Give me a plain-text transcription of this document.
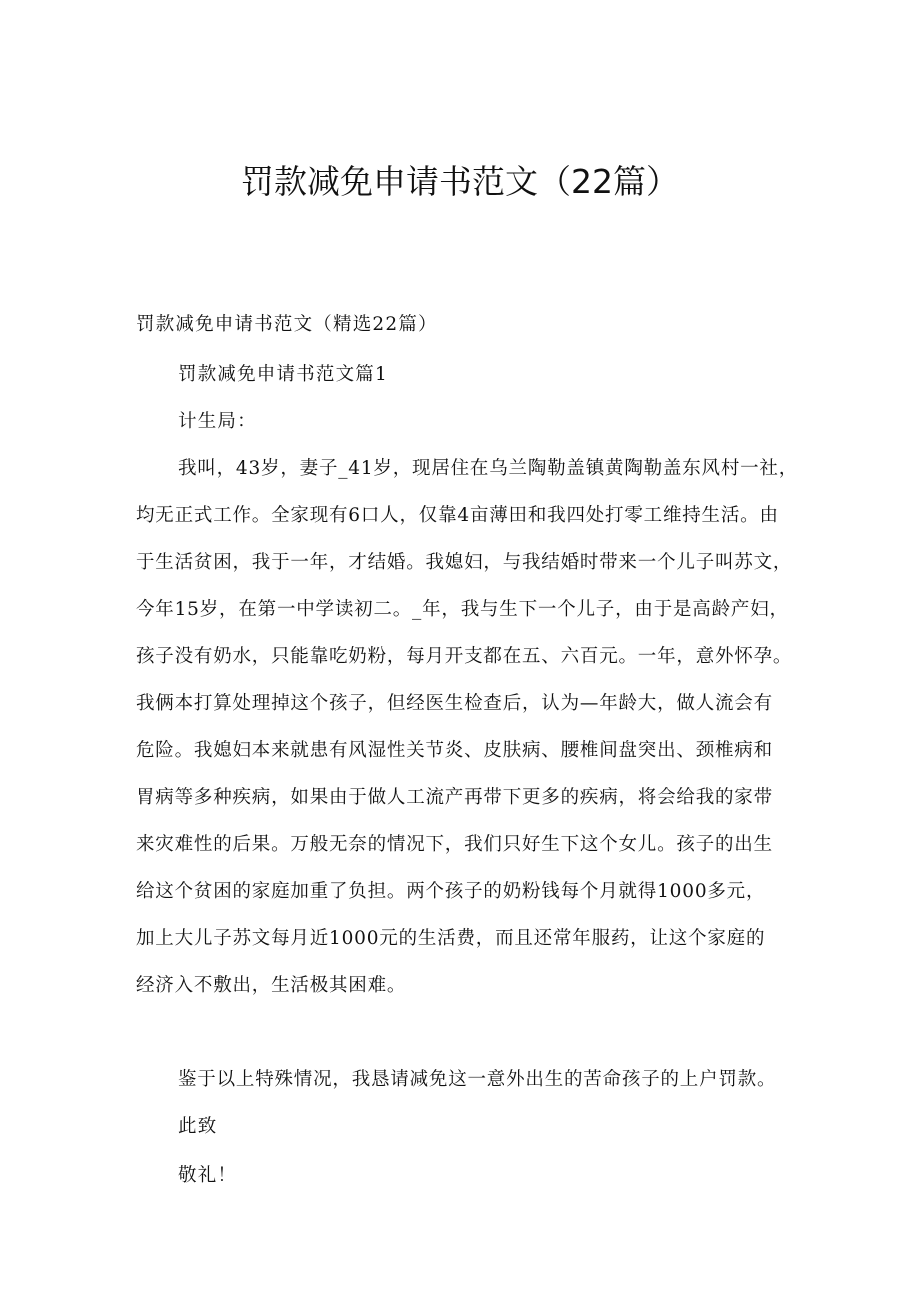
罚款减免申请书范文（22篇）

罚款减免申请书范文（精选22篇）

罚款减免申请书范文篇1

计生局：

我叫，43岁，妻子_41岁，现居住在乌兰陶勒盖镇黄陶勒盖东风村一社，

均无正式工作。全家现有6口人，仅靠4亩薄田和我四处打零工维持生活。由

于生活贫困，我于一年，才结婚。我媳妇，与我结婚时带来一个儿子叫苏文，

今年15岁，在第一中学读初二。_年，我与生下一个儿子，由于是高龄产妇，

孩子没有奶水，只能靠吃奶粉，每月开支都在五、六百元。一年，意外怀孕。

我俩本打算处理掉这个孩子，但经医生检查后，认为—年龄大，做人流会有

危险。我媳妇本来就患有风湿性关节炎、皮肤病、腰椎间盘突出、颈椎病和

胃病等多种疾病，如果由于做人工流产再带下更多的疾病，将会给我的家带

来灾难性的后果。万般无奈的情况下，我们只好生下这个女儿。孩子的出生

给这个贫困的家庭加重了负担。两个孩子的奶粉钱每个月就得1000多元，

加上大儿子苏文每月近1000元的生活费，而且还常年服药，让这个家庭的

经济入不敷出，生活极其困难。

鉴于以上特殊情况，我恳请减免这一意外出生的苦命孩子的上户罚款。

此致

敬礼！
